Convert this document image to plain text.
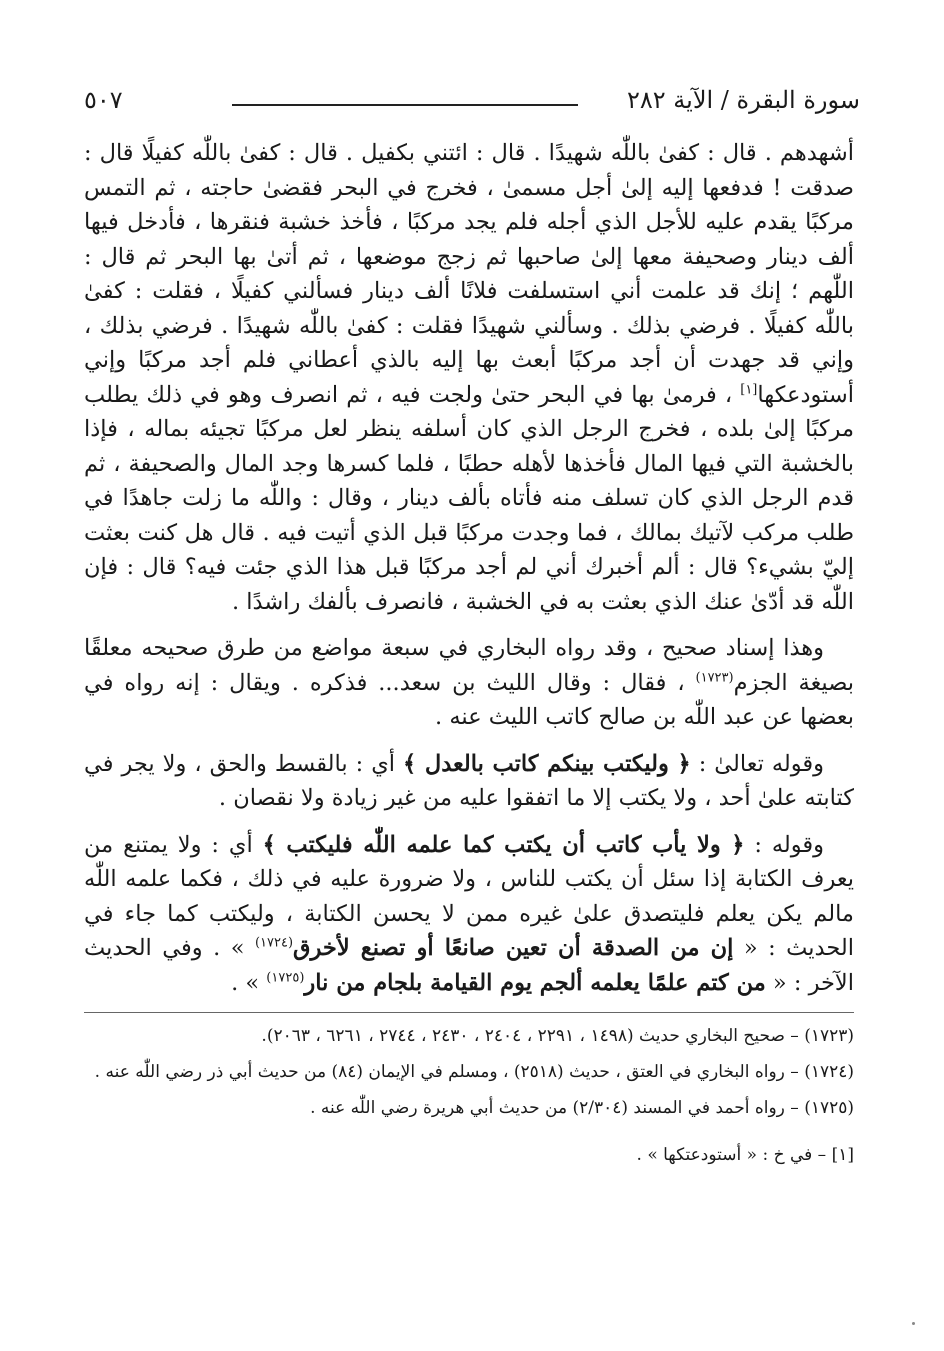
٥٠٧	سورة البقرة / الآية ٢٨٢

أشهدهم . قال : كفىٰ باللّٰه شهيدًا . قال : ائتني بكفيل . قال : كفىٰ باللّٰه كفيلًا قال : صدقت ! فدفعها إليه إلىٰ أجل مسمىٰ ، فخرج في البحر فقضىٰ حاجته ، ثم التمس مركبًا يقدم عليه للأجل الذي أجله فلم يجد مركبًا ، فأخذ خشبة فنقرها ، فأدخل فيها ألف دينار وصحيفة معها إلىٰ صاحبها ثم زجج موضعها ، ثم أتىٰ بها البحر ثم قال : اللّٰهم ؛ إنك قد علمت أني استسلفت فلانًا ألف دينار فسألني كفيلًا ، فقلت : كفىٰ باللّٰه كفيلًا . فرضي بذلك . وسألني شهيدًا فقلت : كفىٰ باللّٰه شهيدًا . فرضي بذلك ، وإني قد جهدت أن أجد مركبًا أبعث بها إليه بالذي أعطاني فلم أجد مركبًا وإني أستودعكها[١] ، فرمىٰ بها في البحر حتىٰ ولجت فيه ، ثم انصرف وهو في ذلك يطلب مركبًا إلىٰ بلده ، فخرج الرجل الذي كان أسلفه ينظر لعل مركبًا تجيئه بماله ، فإذا بالخشبة التي فيها المال فأخذها لأهله حطبًا ، فلما كسرها وجد المال والصحيفة ، ثم قدم الرجل الذي كان تسلف منه فأتاه بألف دينار ، وقال : واللّٰه ما زلت جاهدًا في طلب مركب لآتيك بمالك ، فما وجدت مركبًا قبل الذي أتيت فيه . قال هل كنت بعثت إليّ بشيء؟ قال : ألم أخبرك أني لم أجد مركبًا قبل هذا الذي جئت فيه؟ قال : فإن اللّٰه قد أدّىٰ عنك الذي بعثت به في الخشبة ، فانصرف بألفك راشدًا .

وهذا إسناد صحيح ، وقد رواه البخاري في سبعة مواضع من طرق صحيحه معلقًا بصيغة الجزم$^{(١٧٢٣)}$ ، فقال : وقال الليث بن سعد... فذكره . ويقال : إنه رواه في بعضها عن عبد اللّٰه بن صالح كاتب الليث عنه .

وقوله تعالىٰ : ﴿ وليكتب بينكم كاتب بالعدل ﴾ أي : بالقسط والحق ، ولا يجر في كتابته علىٰ أحد ، ولا يكتب إلا ما اتفقوا عليه من غير زيادة ولا نقصان .

وقوله : ﴿ ولا يأب كاتب أن يكتب كما علمه اللّٰه فليكتب ﴾ أي : ولا يمتنع من يعرف الكتابة إذا سئل أن يكتب للناس ، ولا ضرورة عليه في ذلك ، فكما علمه اللّٰه مالم يكن يعلم فليتصدق علىٰ غيره ممن لا يحسن الكتابة ، وليكتب كما جاء في الحديث : « إن من الصدقة أن تعين صانعًا أو تصنع لأخرق$^{(١٧٢٤)}$ » . وفي الحديث الآخر : « من كتم علمًا يعلمه ألجم يوم القيامة بلجام من نار$^{(١٧٢٥)}$ » .

(١٧٢٣) – صحيح البخاري حديث (١٤٩٨ ، ٢٢٩١ ، ٢٤٠٤ ، ٢٤٣٠ ، ٢٧٤٤ ، ٦٢٦١ ، ٢٠٦٣).

(١٧٢٤) – رواه البخاري في العتق ، حديث (٢٥١٨) ، ومسلم في الإيمان (٨٤) من حديث أبي ذر رضي اللّٰه عنه .

(١٧٢٥) – رواه أحمد في المسند (٢/٣٠٤) من حديث أبي هريرة رضي اللّٰه عنه .

[١] – في خ : « أستودعتكها » .
